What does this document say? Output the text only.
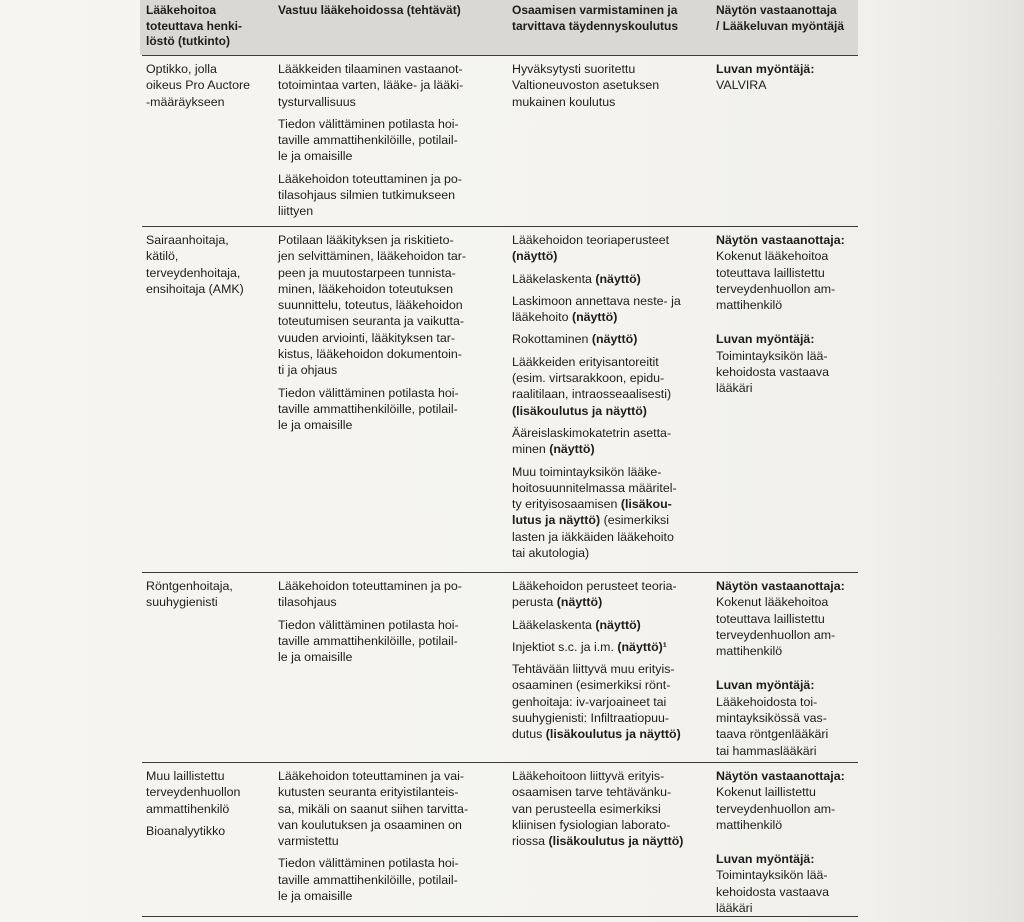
Lääkehoitoa
toteuttava henki-
löstö (tutkinto)

Vastuu lääkehoidossa (tehtävät)	Osaamisen varmistaminen ja
tarvittava täydennyskoulutus

Näytön vastaanottaja
/ Lääkeluvan myöntäjä

Optikko, jolla
oikeus Pro Auctore
-määräykseen

Lääkkeiden tilaaminen vastaanot-
totoimintaa varten, lääke- ja lääki-
tysturvallisuus

Tiedon välittäminen potilasta hoi-
taville ammattihenkilöille, potilail-
le ja omaisille

Lääkehoidon toteuttaminen ja po-
tilasohjaus silmien tutkimukseen
liittyen

Hyväksytysti suoritettu
Valtioneuvoston asetuksen
mukainen koulutus

Luvan myöntäjä:

VALVIRA

Sairaanhoitaja,
kätilö,
terveydenhoitaja,
ensihoitaja (AMK)

Potilaan lääkityksen ja riskitieto-
jen selvittäminen, lääkehoidon tar-
peen ja muutostarpeen tunnista-
minen, lääkehoidon toteutuksen
suunnittelu, toteutus, lääkehoidon
toteutumisen seuranta ja vaikutta-
vuuden arviointi, lääkityksen tar-
kistus, lääkehoidon dokumentoin-
ti ja ohjaus

Tiedon välittäminen potilasta hoi-
taville ammattihenkilöille, potilail-
le ja omaisille

Lääkehoidon teoriaperusteet
(näyttö)

Lääkelaskenta (näyttö)

Laskimoon annettava neste- ja
lääkehoito (näyttö)

Rokottaminen (näyttö)

Lääkkeiden erityisantoreitit
(esim. virtsarakkoon, epidu-
raalitilaan, intraosseaalisesti)
(lisäkoulutus ja näyttö)

Ääreislaskimokatetrin asetta-
minen (näyttö)

Muu toimintayksikön lääke-
hoitosuunnitelmassa määritel-
ty erityisosaamisen (lisäkou-
lutus ja näyttö) (esimerkiksi
lasten ja iäkkäiden lääkehoito
tai akutologia)

Näytön vastaanottaja:

Kokenut lääkehoitoa
toteuttava laillistettu
terveydenhuollon am-
mattihenkilö

Luvan myöntäjä:

Toimintayksikön lää-
kehoidosta vastaava
lääkäri

Röntgenhoitaja,
suuhygienisti

Lääkehoidon toteuttaminen ja po-
tilasohjaus

Tiedon välittäminen potilasta hoi-
taville ammattihenkilöille, potilail-
le ja omaisille

Lääkehoidon perusteet teoria-
perusta (näyttö)

Lääkelaskenta (näyttö)

Injektiot s.c. ja i.m. (näyttö)¹

Tehtävään liittyvä muu erityis-
osaaminen (esimerkiksi rönt-
genhoitaja: iv-varjoaineet tai
suuhygienisti: Infiltraatiopuu-
dutus (lisäkoulutus ja näyttö)

Näytön vastaanottaja:

Kokenut lääkehoitoa
toteuttava laillistettu
terveydenhuollon am-
mattihenkilö

Luvan myöntäjä:

Lääkehoidosta toi-
mintayksikössä vas-
taava röntgenlääkäri
tai hammaslääkäri

Muu laillistettu
terveydenhuollon
ammattihenkilö

Bioanalyytikko

Lääkehoidon toteuttaminen ja vai-
kutusten seuranta erityistilanteis-
sa, mikäli on saanut siihen tarvitta-
van koulutuksen ja osaaminen on
varmistettu

Tiedon välittäminen potilasta hoi-
taville ammattihenkilöille, potilail-
le ja omaisille

Lääkehoitoon liittyvä erityis-
osaamisen tarve tehtävänku-
van perusteella esimerkiksi
kliinisen fysiologian laborato-
riossa (lisäkoulutus ja näyttö)

Näytön vastaanottaja:

Kokenut laillistettu
terveydenhuollon am-
mattihenkilö

Luvan myöntäjä:

Toimintayksikön lää-
kehoidosta vastaava
lääkäri
